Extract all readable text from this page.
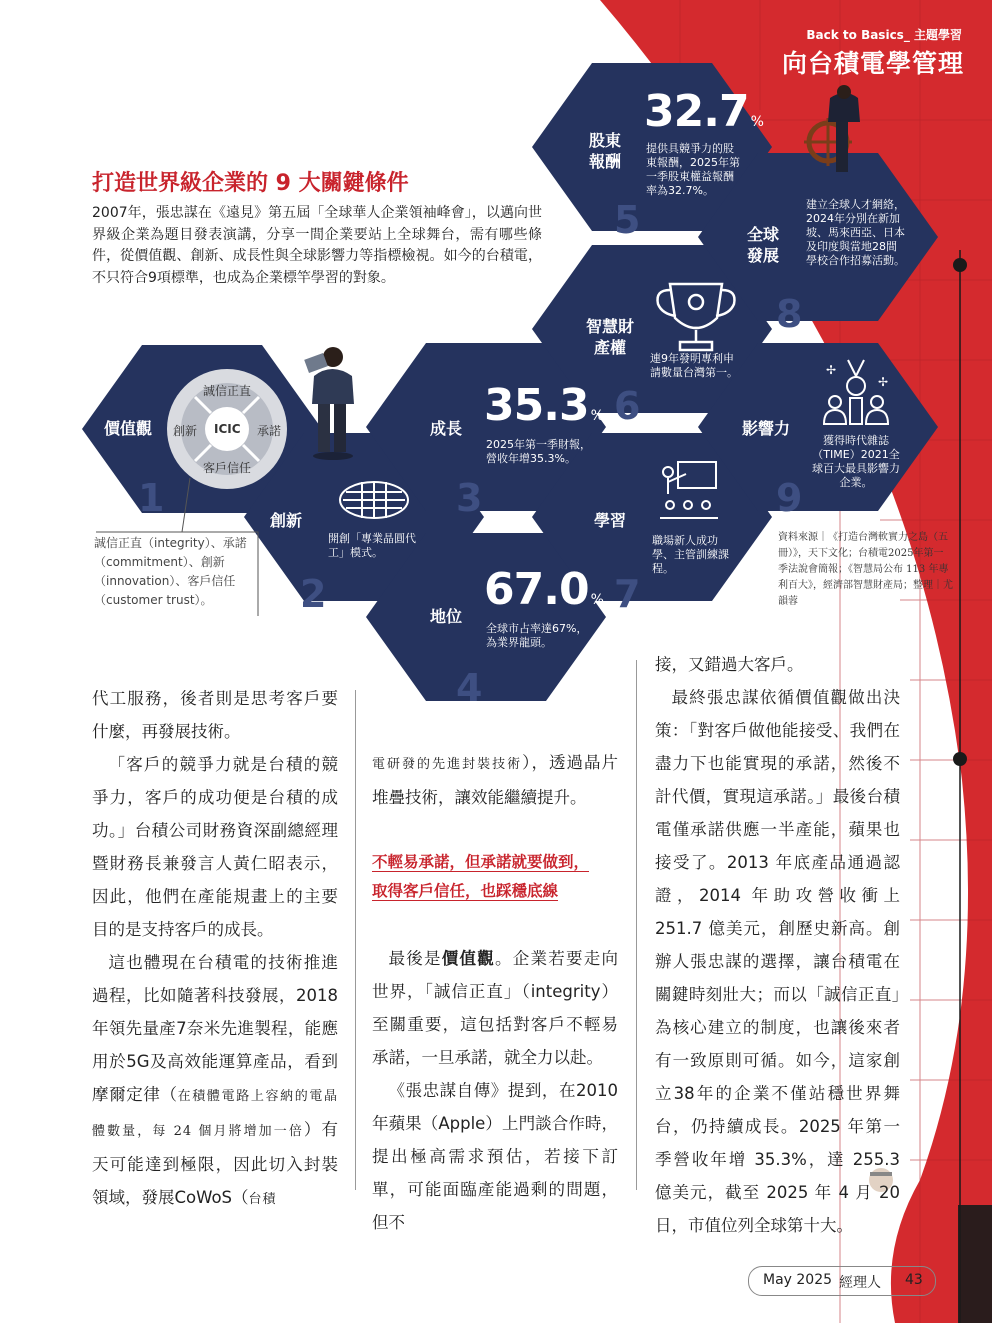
✢
✢
Back to Basics_ 主題學習
向台積電學管理
打造世界級企業的 9 大關鍵條件
2007年，張忠謀在《遠見》第五屆「全球華人企業領袖峰會」，以邁向世界級企業為題目發表演講，分享一間企業要站上全球舞台，需有哪些條件，從價值觀、創新、成長性與全球影響力等指標檢視。如今的台積電，不只符合9項標準，也成為企業標竿學習的對象。
價值觀
1
ICIC
誠信正直
承諾
客戶信任
創新
誠信正直（integrity）、承諾（commitment）、創新（innovation）、客戶信任（customer trust）。
創新
開創「專業晶圓代工」模式。
2
成長 35.3 %
2025年第一季財報，營收年增35.3%。
3
地位
67.0 %
全球市占率達67%，為業界龍頭。
4
股東報酬
32.7 %
提供具競爭力的股東報酬，2025年第一季股東權益報酬率為32.7%。
5
智慧財產權
連9年發明專利申請數量台灣第一。
6
學習
職場新人成功學、主管訓練課程。
7
全球發展
建立全球人才網絡，2024年分別在新加坡、馬來西亞、日本及印度與當地28間學校合作招募活動。
8
影響力
獲得時代雜誌（TIME）2021全球百大最具影響力企業。
9
資料來源｜《打造台灣軟實力之島（五冊）》，天下文化；台積電2025年第一季法說會簡報；《智慧局公布 113 年專利百大》，經濟部智慧財產局；整理｜尤韻蓉

代工服務，後者則是思考客戶要什麼，再發展技術。

「客戶的競爭力就是台積的競爭力，客戶的成功便是台積的成功。」台積公司財務資深副總經理暨財務長兼發言人黃仁昭表示，因此，他們在產能規畫上的主要目的是支持客戶的成長。

這也體現在台積電的技術推進過程，比如隨著科技發展，2018年領先量產7奈米先進製程，能應用於5G及高效能運算產品，看到摩爾定律（在積體電路上容納的電晶體數量，每 24 個月將增加一倍）有天可能達到極限，因此切入封裝領域，發展CoWoS（台積

電研發的先進封裝技術），透過晶片堆疊技術，讓效能繼續提升。

不輕易承諾，但承諾就要做到，
取得客戶信任，也踩穩底線

最後是價值觀。企業若要走向世界，「誠信正直」（integrity）至關重要，這包括對客戶不輕易承諾，一旦承諾，就全力以赴。

《張忠謀自傳》提到，在2010年蘋果（Apple）上門談合作時，提出極高需求預估，若接下訂單，可能面臨產能過剩的問題，但不

接，又錯過大客戶。

最終張忠謀依循價值觀做出決策：「對客戶做他能接受、我們在盡力下也能實現的承諾，然後不計代價，實現這承諾。」最後台積電僅承諾供應一半產能，蘋果也接受了。2013 年底產品通過認證，2014 年助攻營收衝上 251.7 億美元，創歷史新高。創辦人張忠謀的選擇，讓台積電在關鍵時刻壯大；而以「誠信正直」為核心建立的制度，也讓後來者有一致原則可循。如今，這家創立38年的企業不僅站穩世界舞台，仍持續成長。2025 年第一季營收年增 35.3%，達 255.3 億美元，截至 2025 年 4 月 20 日，市值位列全球第十大。

May 2025 經理人 43
